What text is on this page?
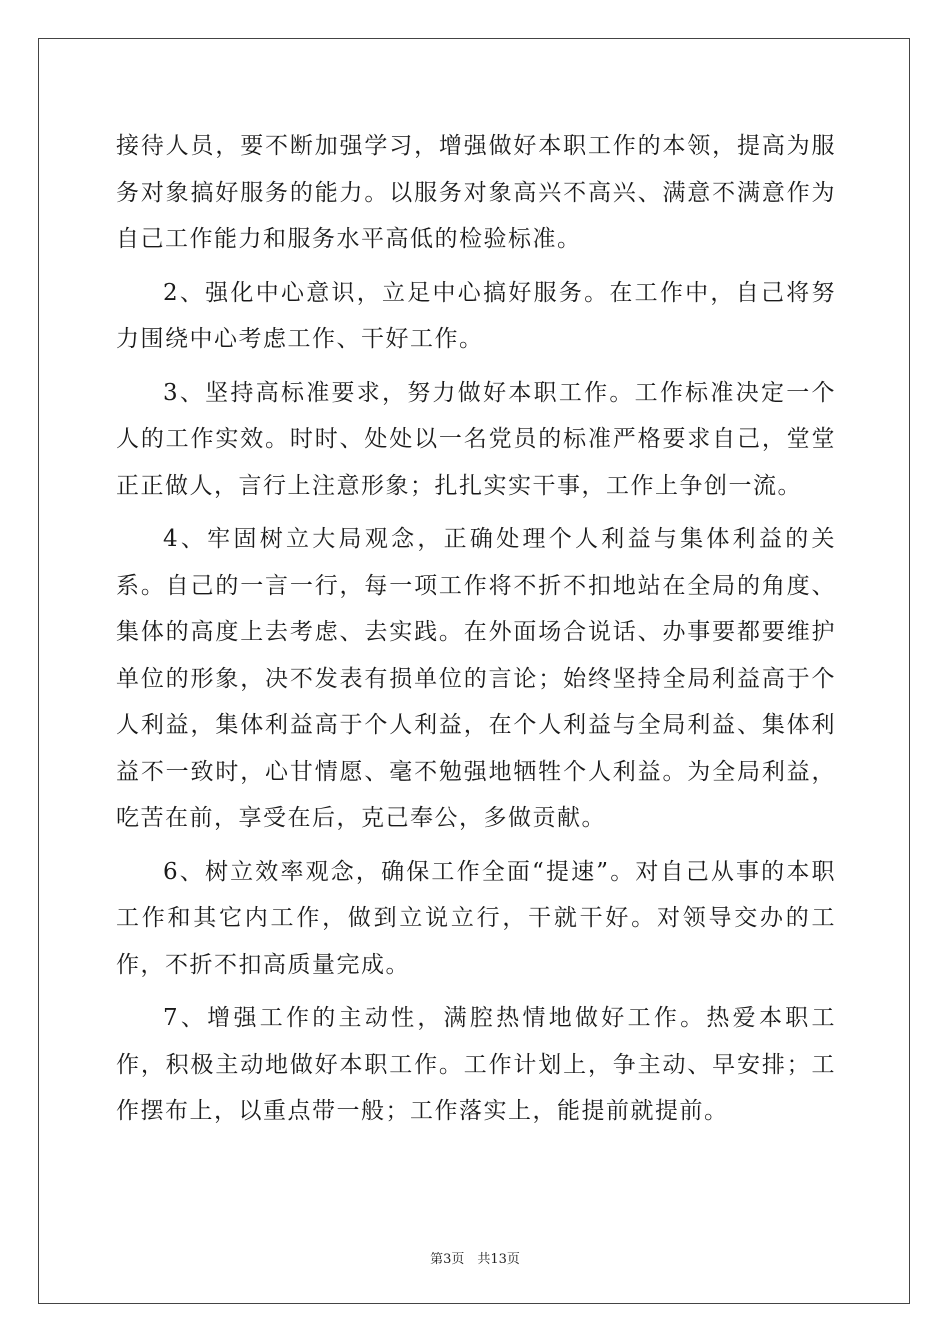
接待人员，要不断加强学习，增强做好本职工作的本领，提高为服务对象搞好服务的能力。以服务对象高兴不高兴、满意不满意作为自己工作能力和服务水平高低的检验标准。

2、强化中心意识，立足中心搞好服务。在工作中，自己将努力围绕中心考虑工作、干好工作。

3、坚持高标准要求，努力做好本职工作。工作标准决定一个人的工作实效。时时、处处以一名党员的标准严格要求自己，堂堂正正做人，言行上注意形象；扎扎实实干事，工作上争创一流。

4、牢固树立大局观念，正确处理个人利益与集体利益的关系。自己的一言一行，每一项工作将不折不扣地站在全局的角度、集体的高度上去考虑、去实践。在外面场合说话、办事要都要维护单位的形象，决不发表有损单位的言论；始终坚持全局利益高于个人利益，集体利益高于个人利益，在个人利益与全局利益、集体利益不一致时，心甘情愿、毫不勉强地牺牲个人利益。为全局利益，吃苦在前，享受在后，克己奉公，多做贡献。

6、树立效率观念，确保工作全面“提速”。对自己从事的本职工作和其它内工作，做到立说立行，干就干好。对领导交办的工作，不折不扣高质量完成。

7、增强工作的主动性，满腔热情地做好工作。热爱本职工作，积极主动地做好本职工作。工作计划上，争主动、早安排；工作摆布上，以重点带一般；工作落实上，能提前就提前。

第3页　共13页
